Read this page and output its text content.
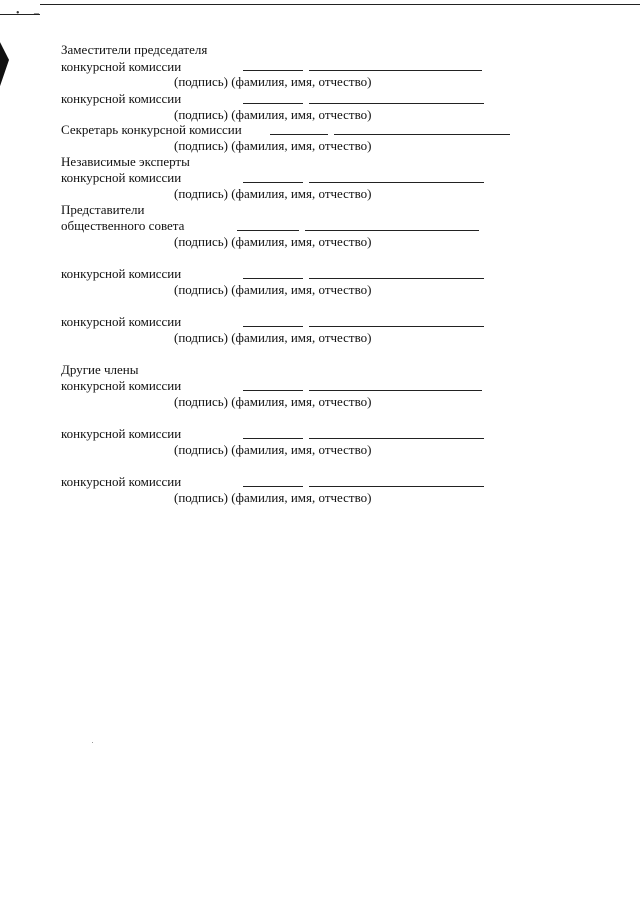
• –
Заместители председателя
конкурсной комиссии
(подпись) (фамилия, имя, отчество)
конкурсной комиссии
(подпись) (фамилия, имя, отчество)
Секретарь конкурсной комиссии
(подпись) (фамилия, имя, отчество)
Независимые эксперты
конкурсной комиссии
(подпись) (фамилия, имя, отчество)
Представители
общественного совета
(подпись) (фамилия, имя, отчество)
конкурсной комиссии
(подпись) (фамилия, имя, отчество)
конкурсной комиссии
(подпись) (фамилия, имя, отчество)
Другие члены
конкурсной комиссии
(подпись) (фамилия, имя, отчество)
конкурсной комиссии
(подпись) (фамилия, имя, отчество)
конкурсной комиссии
(подпись) (фамилия, имя, отчество)
